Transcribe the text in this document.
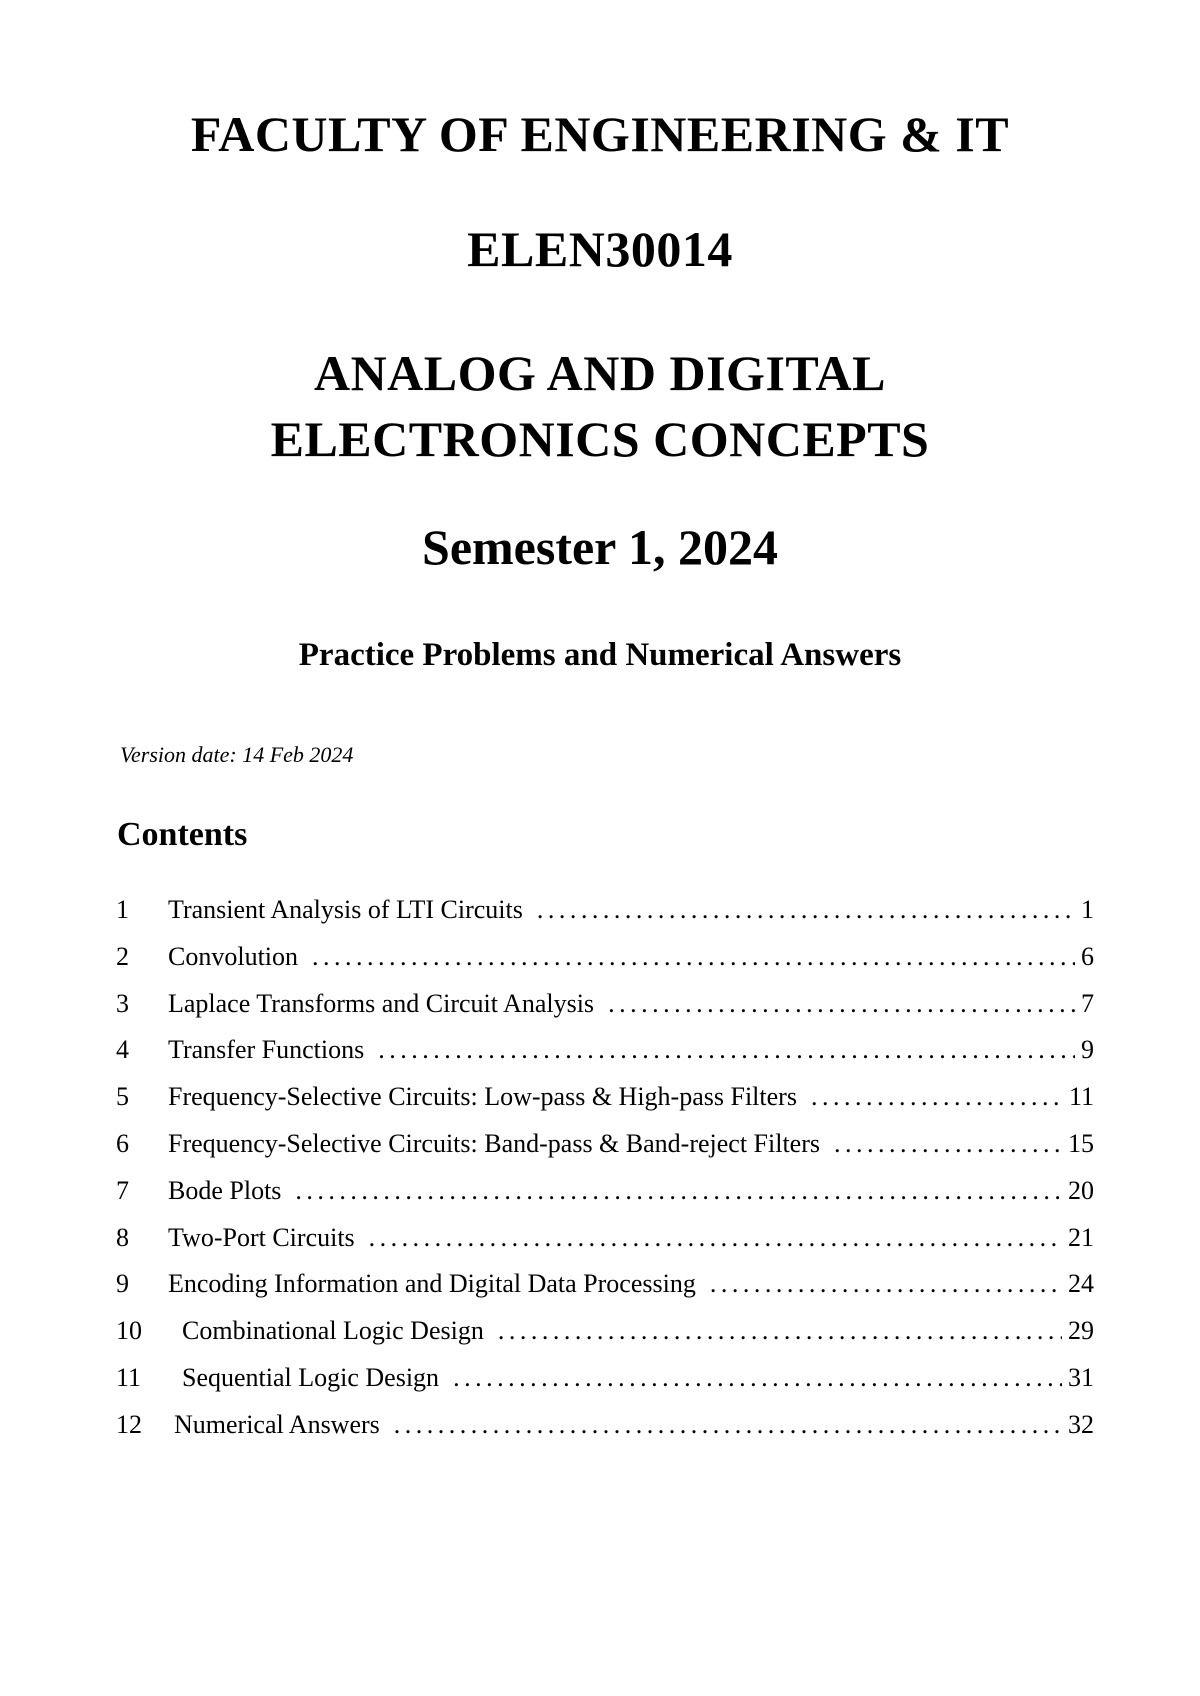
FACULTY OF ENGINEERING & IT
ELEN30014
ANALOG AND DIGITAL
ELECTRONICS CONCEPTS
Semester 1, 2024
Practice Problems and Numerical Answers
Version date: 14 Feb 2024
Contents
1	Transient Analysis of LTI Circuits . . .	1
2	Convolution . . .	6
3	Laplace Transforms and Circuit Analysis . . .	7
4	Transfer Functions . . .	9
5	Frequency-Selective Circuits: Low-pass & High-pass Filters . . .	11
6	Frequency-Selective Circuits: Band-pass & Band-reject Filters . . .	15
7	Bode Plots . . .	20
8	Two-Port Circuits . . .	21
9	Encoding Information and Digital Data Processing . . .	24
10	Combinational Logic Design . . .	29
11	Sequential Logic Design . . .	31
12	Numerical Answers . . .	32
